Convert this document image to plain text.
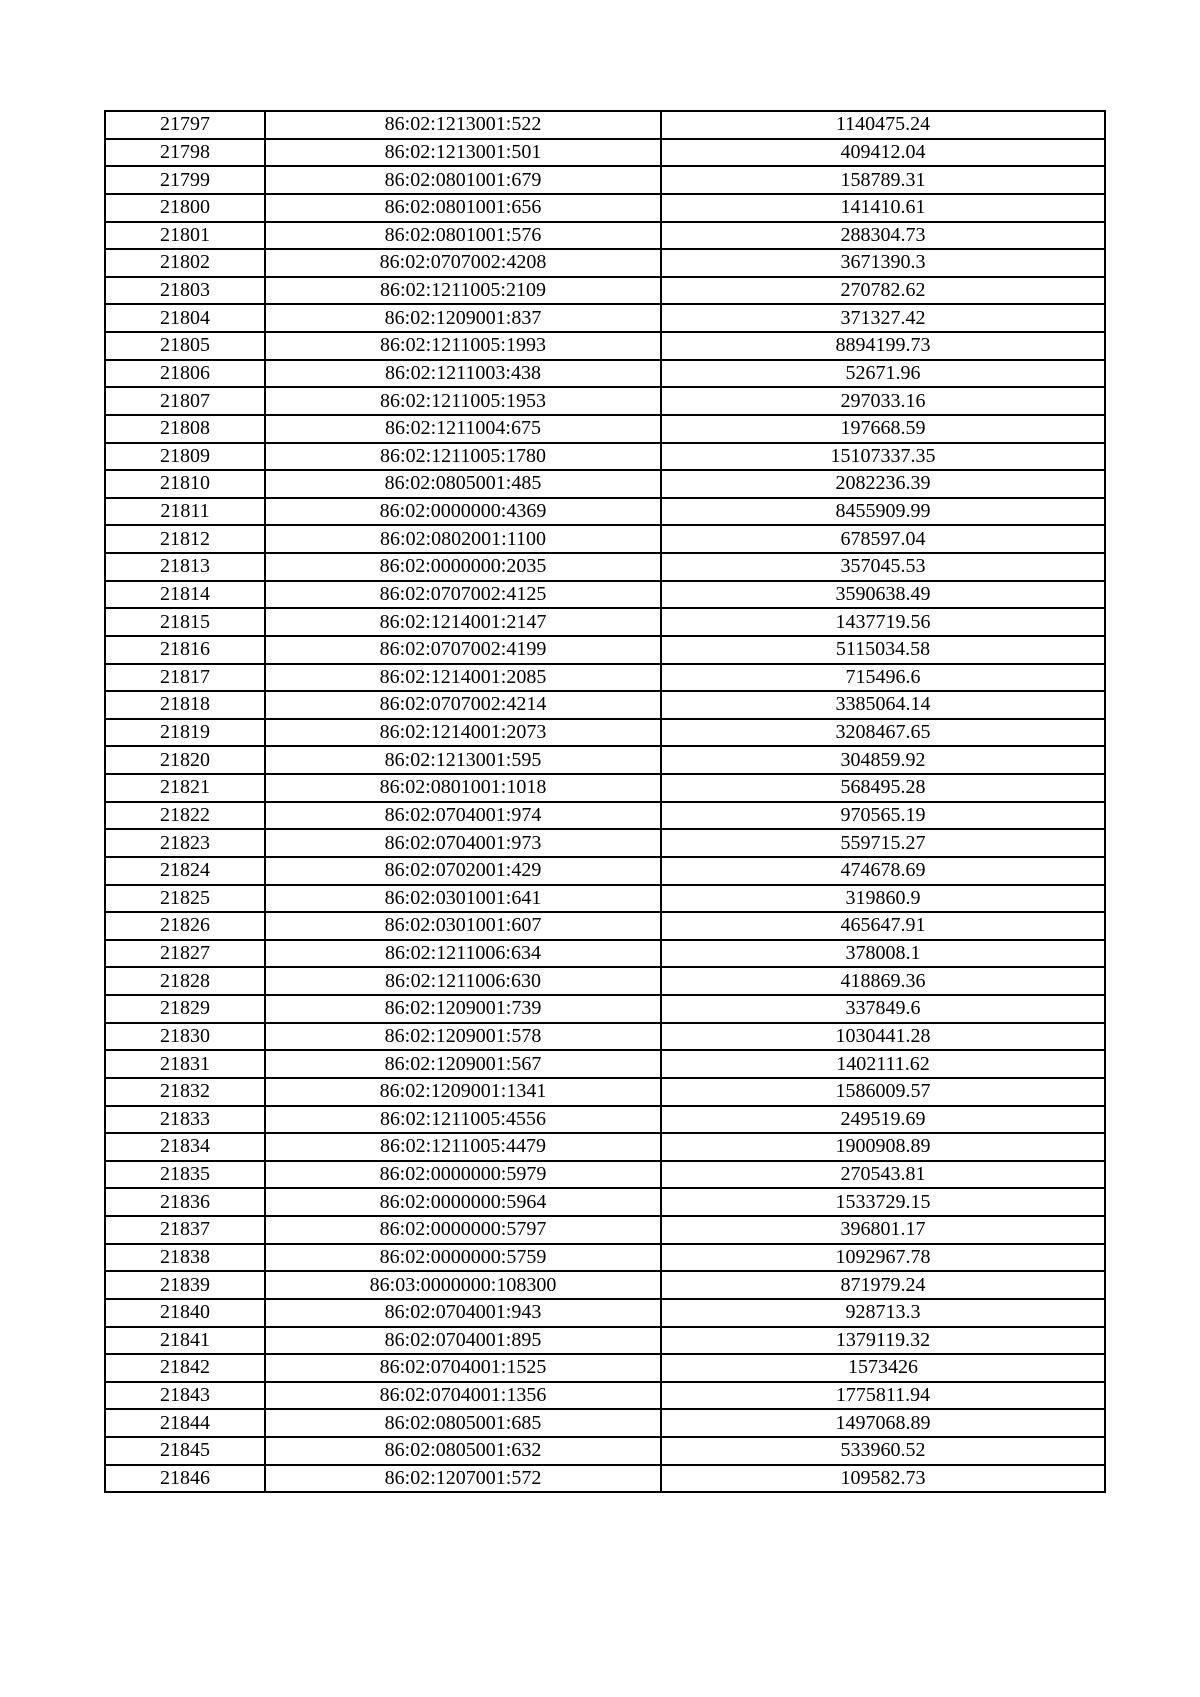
21797	86:02:1213001:522	1140475.24
21798	86:02:1213001:501	409412.04
21799	86:02:0801001:679	158789.31
21800	86:02:0801001:656	141410.61
21801	86:02:0801001:576	288304.73
21802	86:02:0707002:4208	3671390.3
21803	86:02:1211005:2109	270782.62
21804	86:02:1209001:837	371327.42
21805	86:02:1211005:1993	8894199.73
21806	86:02:1211003:438	52671.96
21807	86:02:1211005:1953	297033.16
21808	86:02:1211004:675	197668.59
21809	86:02:1211005:1780	15107337.35
21810	86:02:0805001:485	2082236.39
21811	86:02:0000000:4369	8455909.99
21812	86:02:0802001:1100	678597.04
21813	86:02:0000000:2035	357045.53
21814	86:02:0707002:4125	3590638.49
21815	86:02:1214001:2147	1437719.56
21816	86:02:0707002:4199	5115034.58
21817	86:02:1214001:2085	715496.6
21818	86:02:0707002:4214	3385064.14
21819	86:02:1214001:2073	3208467.65
21820	86:02:1213001:595	304859.92
21821	86:02:0801001:1018	568495.28
21822	86:02:0704001:974	970565.19
21823	86:02:0704001:973	559715.27
21824	86:02:0702001:429	474678.69
21825	86:02:0301001:641	319860.9
21826	86:02:0301001:607	465647.91
21827	86:02:1211006:634	378008.1
21828	86:02:1211006:630	418869.36
21829	86:02:1209001:739	337849.6
21830	86:02:1209001:578	1030441.28
21831	86:02:1209001:567	1402111.62
21832	86:02:1209001:1341	1586009.57
21833	86:02:1211005:4556	249519.69
21834	86:02:1211005:4479	1900908.89
21835	86:02:0000000:5979	270543.81
21836	86:02:0000000:5964	1533729.15
21837	86:02:0000000:5797	396801.17
21838	86:02:0000000:5759	1092967.78
21839	86:03:0000000:108300	871979.24
21840	86:02:0704001:943	928713.3
21841	86:02:0704001:895	1379119.32
21842	86:02:0704001:1525	1573426
21843	86:02:0704001:1356	1775811.94
21844	86:02:0805001:685	1497068.89
21845	86:02:0805001:632	533960.52
21846	86:02:1207001:572	109582.73
